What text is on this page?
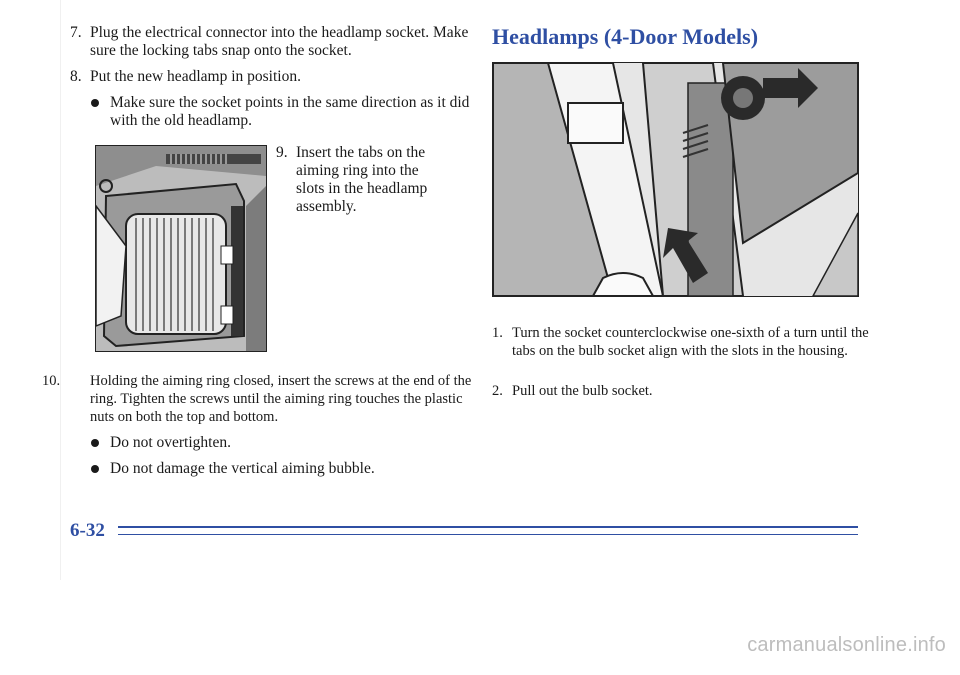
7. Plug the electrical connector into the headlamp socket. Make sure the locking tabs snap onto the socket.

8. Put the new headlamp in position.

Make sure the socket points in the same direction as it did with the old headlamp.

9. Insert the tabs on the aiming ring into the slots in the headlamp assembly.

10.	Holding the aiming ring closed, insert the screws at the end of the ring. Tighten the screws until the aiming ring touches the plastic nuts on both the top and bottom.

Do not overtighten.

Do not damage the vertical aiming bubble.

Headlamps (4-Door Models)

1. Turn the socket counterclockwise one-sixth of a turn until the tabs on the bulb socket align with the slots in the housing.

2. Pull out the bulb socket.

6-32
carmanualsonline.info
